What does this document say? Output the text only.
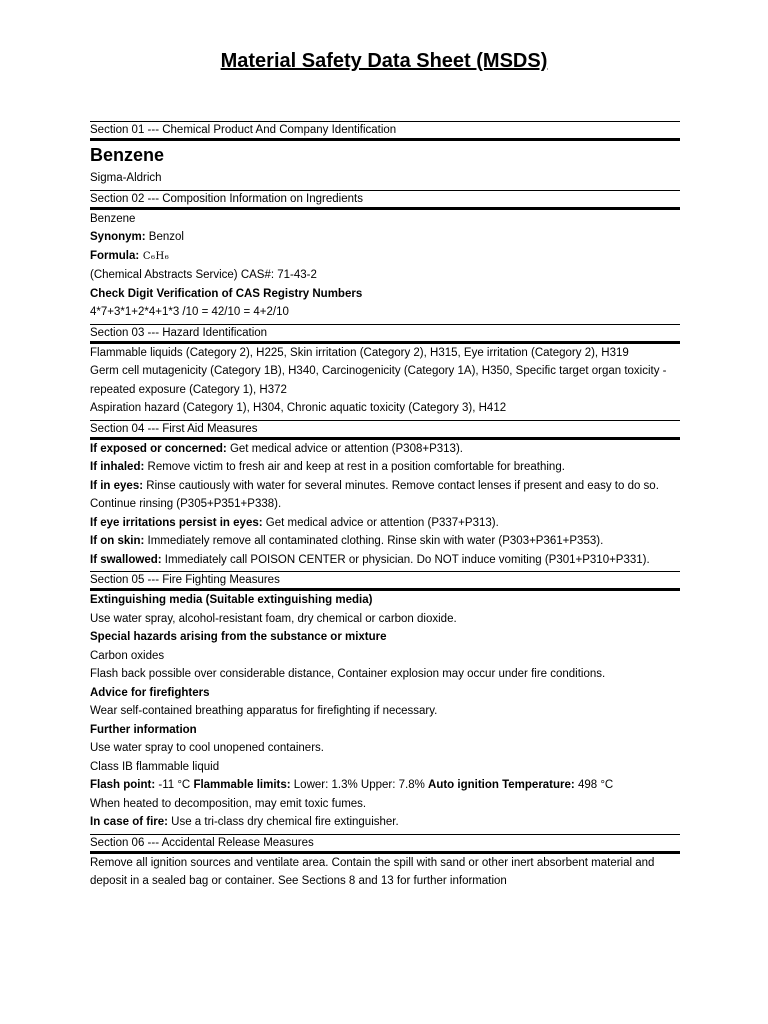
Material Safety Data Sheet (MSDS)
Section 01 --- Chemical Product And Company Identification
Benzene
Sigma-Aldrich
Section 02 --- Composition Information on Ingredients
Benzene
Synonym: Benzol
Formula: C₆H₆
(Chemical Abstracts Service) CAS#: 71-43-2
Check Digit Verification of CAS Registry Numbers
4*7+3*1+2*4+1*3 /10 = 42/10 = 4+2/10
Section 03 --- Hazard Identification
Flammable liquids (Category 2), H225, Skin irritation (Category 2), H315, Eye irritation (Category 2), H319
Germ cell mutagenicity (Category 1B), H340, Carcinogenicity (Category 1A), H350, Specific target organ toxicity - repeated exposure (Category 1), H372
Aspiration hazard (Category 1), H304, Chronic aquatic toxicity (Category 3), H412
Section 04 --- First Aid Measures
If exposed or concerned: Get medical advice or attention (P308+P313).
If inhaled: Remove victim to fresh air and keep at rest in a position comfortable for breathing.
If in eyes: Rinse cautiously with water for several minutes. Remove contact lenses if present and easy to do so. Continue rinsing (P305+P351+P338).
If eye irritations persist in eyes: Get medical advice or attention (P337+P313).
If on skin: Immediately remove all contaminated clothing. Rinse skin with water (P303+P361+P353).
If swallowed: Immediately call POISON CENTER or physician. Do NOT induce vomiting (P301+P310+P331).
Section 05 --- Fire Fighting Measures
Extinguishing media (Suitable extinguishing media)
Use water spray, alcohol-resistant foam, dry chemical or carbon dioxide.
Special hazards arising from the substance or mixture
Carbon oxides
Flash back possible over considerable distance, Container explosion may occur under fire conditions.
Advice for firefighters
Wear self-contained breathing apparatus for firefighting if necessary.
Further information
Use water spray to cool unopened containers.
Class IB flammable liquid
Flash point: -11 °C Flammable limits: Lower: 1.3% Upper: 7.8% Auto ignition Temperature: 498 °C
When heated to decomposition, may emit toxic fumes.
In case of fire: Use a tri-class dry chemical fire extinguisher.
Section 06 --- Accidental Release Measures
Remove all ignition sources and ventilate area. Contain the spill with sand or other inert absorbent material and deposit in a sealed bag or container. See Sections 8 and 13 for further information
